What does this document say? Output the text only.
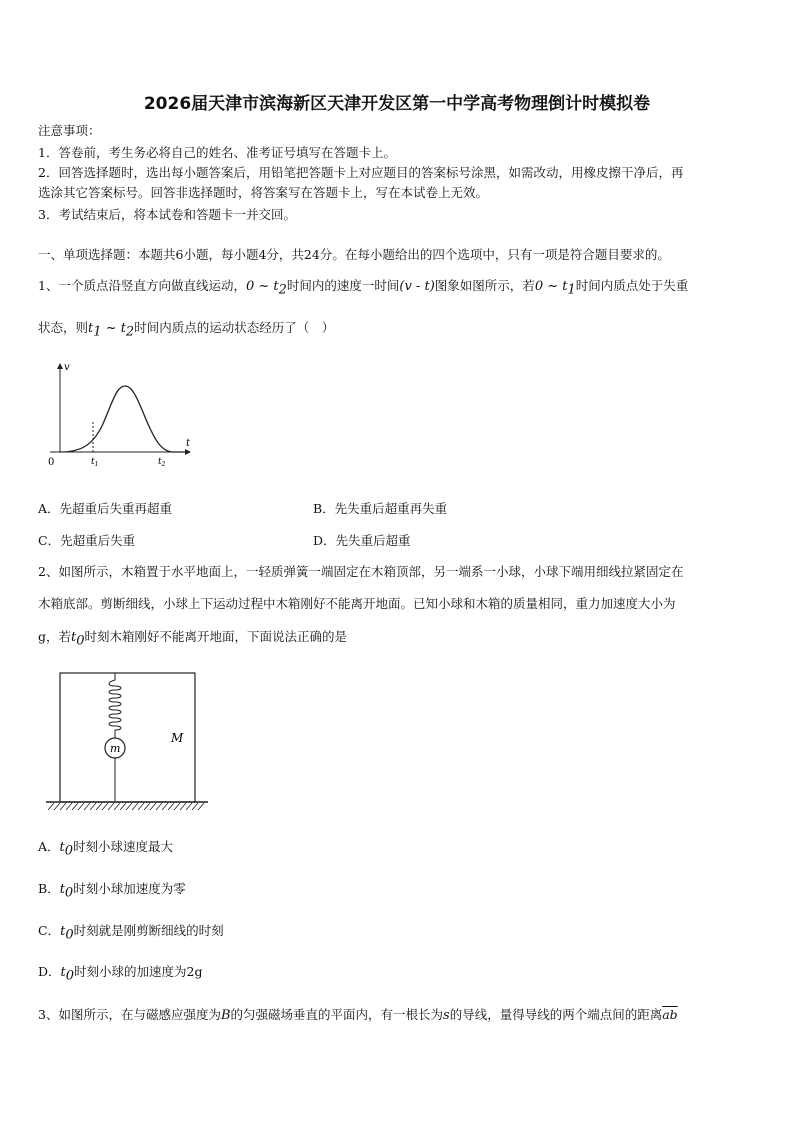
2026届天津市滨海新区天津开发区第一中学高考物理倒计时模拟卷
注意事项：
1．答卷前，考生务必将自己的姓名、准考证号填写在答题卡上。
2．回答选择题时，选出每小题答案后，用铅笔把答题卡上对应题目的答案标号涂黑，如需改动，用橡皮擦干净后，再
选涂其它答案标号。回答非选择题时，将答案写在答题卡上，写在本试卷上无效。
3．考试结束后，将本试卷和答题卡一并交回。
一、单项选择题：本题共6小题，每小题4分，共24分。在每小题给出的四个选项中，只有一项是符合题目要求的。
1、一个质点沿竖直方向做直线运动，0 ~ $t_2$时间内的速度一时间(v - t)图象如图所示，若0 ~ $t_1$时间内质点处于失重
状态，则$t_1$ ~ $t_2$时间内质点的运动状态经历了（　）
v
t
0	$t_1$	$t_2$
A．先超重后失重再超重	B．先失重后超重再失重
C．先超重后失重	D．先失重后超重
2、如图所示，木箱置于水平地面上，一轻质弹簧一端固定在木箱顶部，另一端系一小球，小球下端用细线拉紧固定在
木箱底部。剪断细线，小球上下运动过程中木箱刚好不能离开地面。已知小球和木箱的质量相同，重力加速度大小为
g，若$t_0$时刻木箱刚好不能离开地面，下面说法正确的是
m
M
A．$t_0$时刻小球速度最大
B．$t_0$时刻小球加速度为零
C．$t_0$时刻就是刚剪断细线的时刻
D．$t_0$时刻小球的加速度为2g
3、如图所示，在与磁感应强度为B的匀强磁场垂直的平面内，有一根长为s的导线，量得导线的两个端点间的距离$\overline{ab}$
